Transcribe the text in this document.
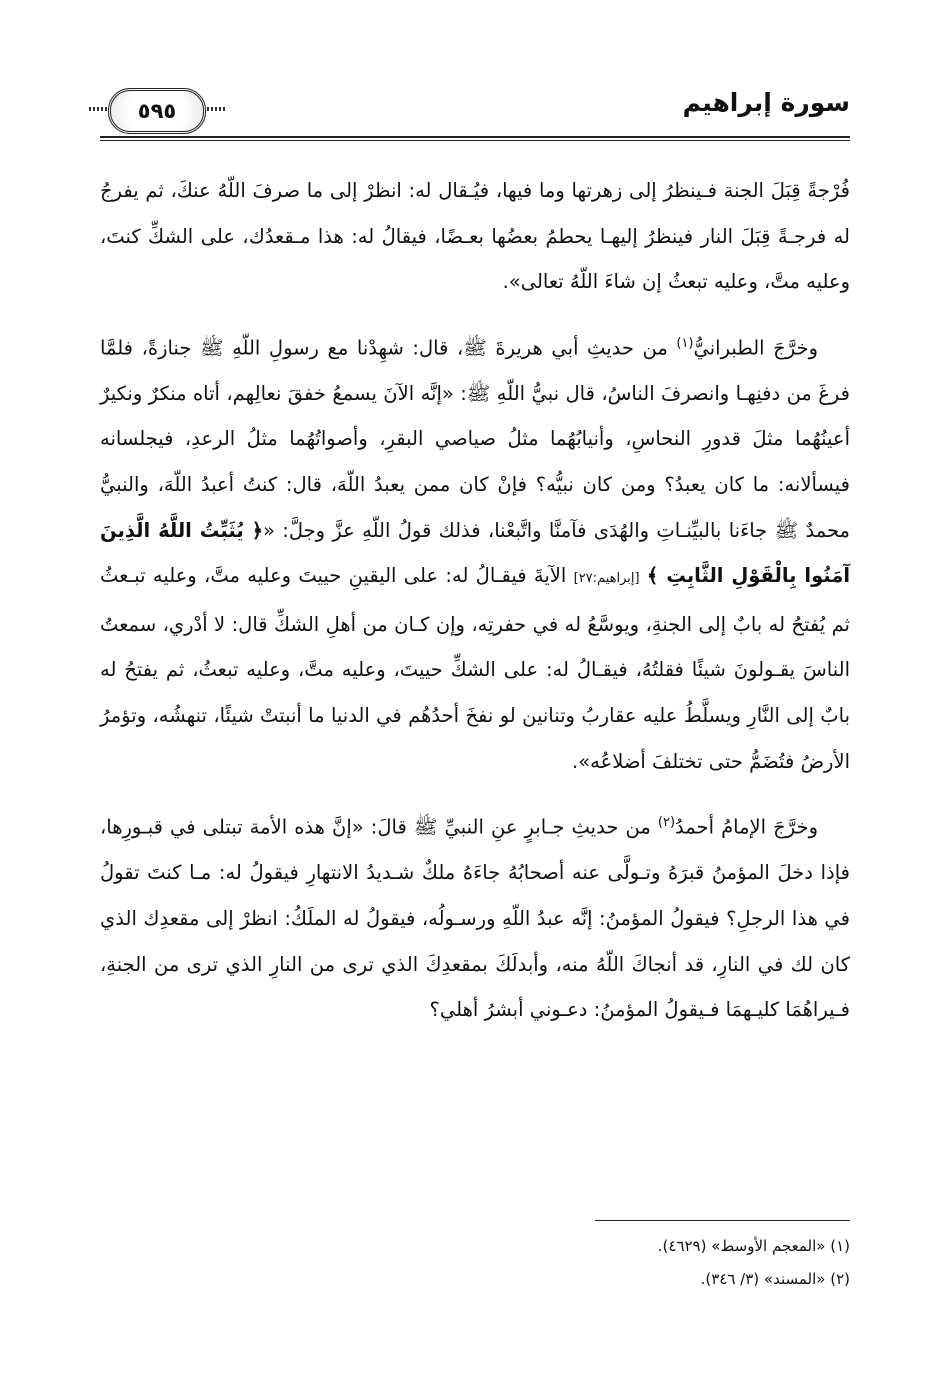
٥٩٥	سورة إبراهيم

فُرْجةً قِبَلَ الجنة فـينظرُ إلى زهرتها وما فيها، فيُـقال له: انظرْ إلى ما صرفَ اللّهُ عنكَ، ثم يفرجُ له فرجـةً قِبَلَ النار فينظرُ إليهـا يحطمُ بعضُها بعـضًا، فيقالُ له: هذا مـقعدُك، على الشكِّ كنتَ، وعليه متَّ، وعليه تبعثُ إن شاءَ اللّهُ تعالى».

وخرَّجَ الطبرانيُّ$^{(١)}$ من حديثِ أبي هريرةَ ﷺ، قال: شهِدْنا مع رسولِ اللّهِ ﷺ جنازةً، فلمَّا فرغَ من دفنِهـا وانصرفَ الناسُ، قال نبيُّ اللّهِ ﷺ: «إنَّه الآنَ يسمعُ خفقَ نعالِهم، أتاه منكرٌ ونكيرٌ أعينُهُما مثلَ قدورِ النحاسِ، وأنيابُهُما مثلُ صياصي البقرِ، وأصواتُهُما مثلُ الرعدِ، فيجلسانه فيسألانه: ما كان يعبدُ؟ ومن كان نبيُّه؟ فإنْ كان ممن يعبدُ اللّهَ، قال: كنتُ أعبدُ اللّهَ، والنبيُّ محمدٌ ﷺ جاءَنا بالبيِّنـاتِ والهُدَى فآمنَّا واتَّبعْنا، فذلك قولُ اللّهِ عزَّ وجلَّ: «﴿ يُثَبِّتُ اللَّهُ الَّذِينَ آمَنُوا بِالْقَوْلِ الثَّابِتِ ﴾ [إبراهيم:٢٧] الآيةَ فيقـالُ له: على اليقينِ حييتَ وعليه متَّ، وعليه تبـعثُ ثم يُفتحُ له بابٌ إلى الجنةِ، ويوسَّعُ له في حفرتِه، وإن كـان من أهلِ الشكِّ قال: لا أدْري، سمعتُ الناسَ يقـولونَ شيئًا فقلتُهُ، فيقـالُ له: على الشكِّ حييتَ، وعليه متَّ، وعليه تبعثُ، ثم يفتحُ له بابٌ إلى النَّارِ ويسلَّطُ عليه عقاربُ وتنانين لو نفخَ أحدُهُم في الدنيا ما أنبتتْ شيئًا، تنهشُه، وتؤمرُ الأرضُ فتُضَمُّ حتى تختلفَ أضلاعُه».

وخرَّجَ الإمامُ أحمدُ$^{(٢)}$ من حديثِ جـابرٍ عنِ النبيِّ ﷺ قالَ: «إنَّ هذه الأمة تبتلى في قبـورِها، فإذا دخلَ المؤمنُ قبرَهُ وتـولَّى عنه أصحابُهُ جاءَهُ ملكٌ شـديدُ الانتهارِ فيقولُ له: مـا كنتَ تقولُ في هذا الرجلِ؟ فيقولُ المؤمنُ: إنَّه عبدُ اللّهِ ورسـولُه، فيقولُ له الملَكُ: انظرْ إلى مقعدِك الذي كان لك في النارِ، قد أنجاكَ اللّهُ منه، وأبدلَكَ بمقعدِكَ الذي ترى من النارِ الذي ترى من الجنةِ، فـيراهُمَا كليـهمَا فـيقولُ المؤمنُ: دعـوني أبشرُ أهلي؟

(١) «المعجم الأوسط» (٤٦٢٩).
(٢) «المسند» (٣/ ٣٤٦).
